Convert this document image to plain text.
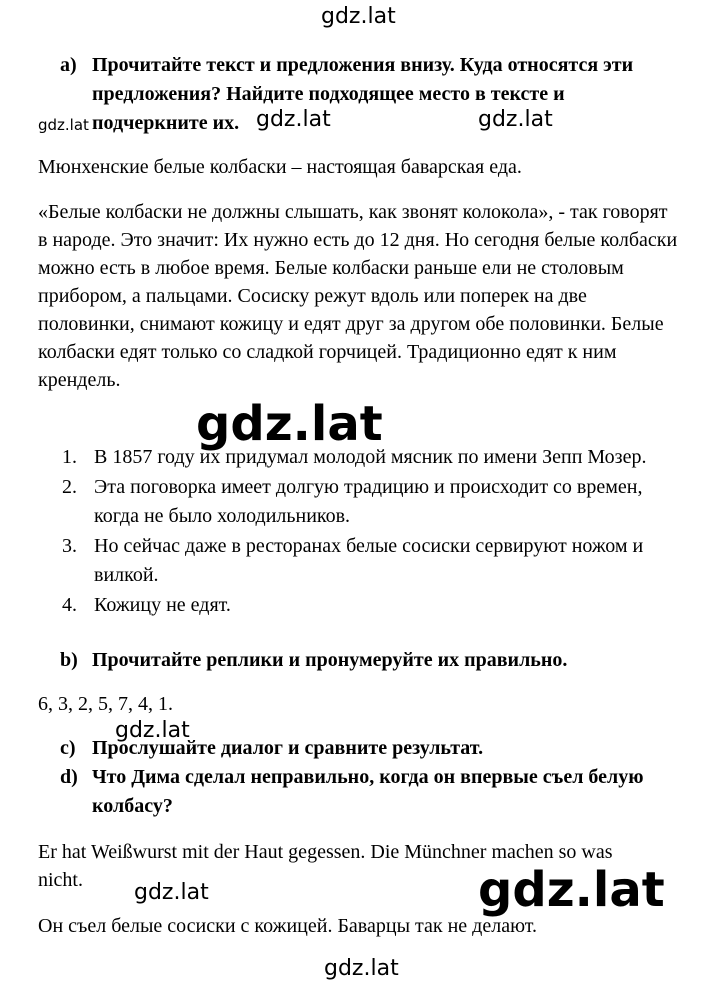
gdz.lat
gdz.lat	gdz.lat	gdz.lat
a) Прочитайте текст и предложения внизу. Куда относятся эти предложения? Найдите подходящее место в тексте и подчеркните их.
Мюнхенские белые колбаски – настоящая баварская еда.
«Белые колбаски не должны слышать, как звонят колокола», - так говорят в народе. Это значит: Их нужно есть до 12 дня. Но сегодня белые колбаски можно есть в любое время. Белые колбаски раньше ели не столовым прибором, а пальцами. Сосиску режут вдоль или поперек на две половинки, снимают кожицу и едят друг за другом обе половинки. Белые колбаски едят только со сладкой горчицей. Традиционно едят к ним крендель.
gdz.lat
1. В 1857 году их придумал молодой мясник по имени Зепп Мозер.
2. Эта поговорка имеет долгую традицию и происходит со времен, когда не было холодильников.
3. Но сейчас даже в ресторанах белые сосиски сервируют ножом и вилкой.
4. Кожицу не едят.
b) Прочитайте реплики и пронумеруйте их правильно.
6, 3, 2, 5, 7, 4, 1.
gdz.lat
c) Прослушайте диалог и сравните результат.
d) Что Дима сделал неправильно, когда он впервые съел белую колбасу?
Er hat Weißwurst mit der Haut gegessen. Die Münchner machen so was nicht.	gdz.lat	gdz.lat
Он съел белые сосиски с кожицей. Баварцы так не делают.
gdz.lat
